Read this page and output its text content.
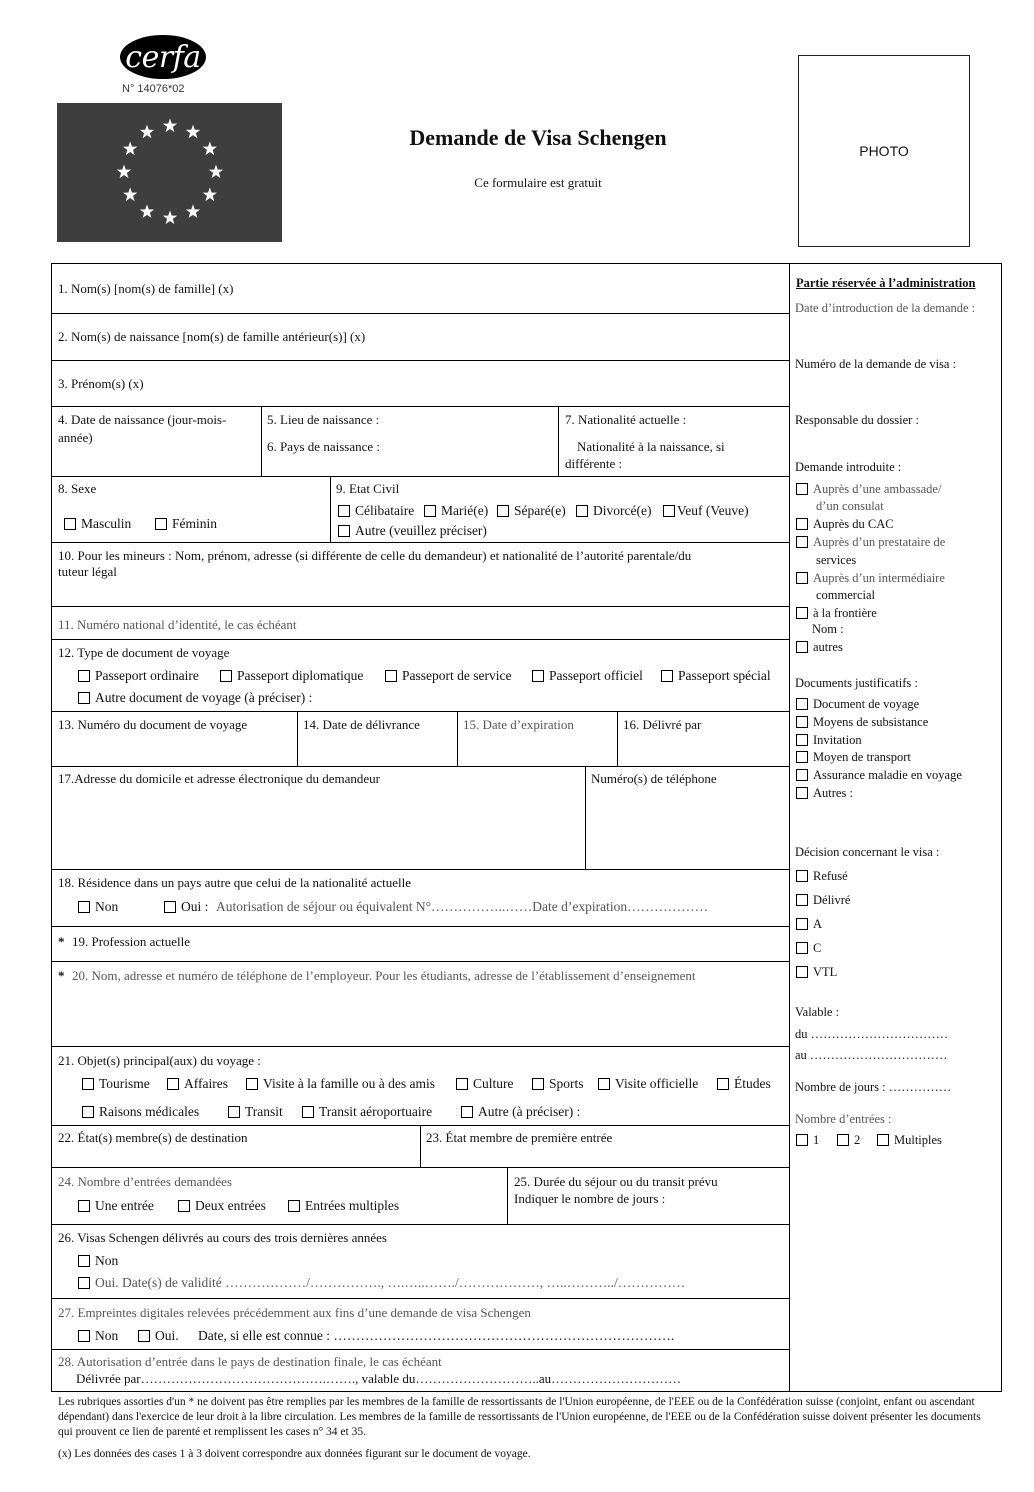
cerfa
N° 14076*02
Demande de Visa Schengen
Ce formulaire est gratuit
PHOTO
1. Nom(s) [nom(s) de famille] (x)
2. Nom(s) de naissance [nom(s) de famille antérieur(s)] (x)
3. Prénom(s) (x)
4. Date de naissance (jour-mois-
année)
5. Lieu de naissance :
6. Pays de naissance :
7. Nationalité actuelle :
Nationalité à la naissance, si
différente :
8. Sexe
Masculin	Féminin
9. Etat Civil
Célibataire Marié(e) Séparé(e) Divorcé(e) Veuf (Veuve)
Autre (veuillez préciser)
10. Pour les mineurs : Nom, prénom, adresse (si différente de celle du demandeur) et nationalité de l’autorité parentale/du
tuteur légal
11. Numéro national d’identité, le cas échéant
12. Type de document de voyage
Passeport ordinaire	Passeport diplomatique	Passeport de service	Passeport officiel	Passeport spécial
Autre document de voyage (à préciser) :
13. Numéro du document de voyage	14. Date de délivrance	15. Date d’expiration	16. Délivré par
17.Adresse du domicile et adresse électronique du demandeur	Numéro(s) de téléphone
18. Résidence dans un pays autre que celui de la nationalité actuelle
Non	Oui : Autorisation de séjour ou équivalent N°……………..……Date d’expiration………………
* 19. Profession actuelle
* 20. Nom, adresse et numéro de téléphone de l’employeur. Pour les étudiants, adresse de l’établissement d’enseignement
21. Objet(s) principal(aux) du voyage :
Tourisme	Affaires	Visite à la famille ou à des amis	Culture	Sports Visite officielle	Études
Raisons médicales	Transit	Transit aéroportuaire	Autre (à préciser) :
22. État(s) membre(s) de destination	23. État membre de première entrée
24. Nombre d’entrées demandées
Une entrée	Deux entrées	Entrées multiples
25. Durée du séjour ou du transit prévu
Indiquer le nombre de jours :
26. Visas Schengen délivrés au cours des trois dernières années
Non
Oui. Date(s) de validité ………………/……………., ….…..……./………………, …..………../……………
27. Empreintes digitales relevées précédemment aux fins d’une demande de visa Schengen
Non	Oui. Date, si elle est connue : ………………………………………………………………….
28. Autorisation d’entrée dans le pays de destination finale, le cas échéant
Délivrée par…………………………………….……., valable du………………………..au…………………………
Partie réservée à l’administration
Date d’introduction de la demande :
Numéro de la demande de visa :
Responsable du dossier :
Demande introduite :
Auprès d’une ambassade/
d’un consulat
Auprès du CAC
Auprès d’un prestataire de
services
Auprès d’un intermédiaire
commercial
à la frontière
Nom :
autres
Documents justificatifs :
Document de voyage
Moyens de subsistance
Invitation
Moyen de transport
Assurance maladie en voyage
Autres :
Décision concernant le visa :
Refusé
Délivré
A
C
VTL
Valable :
du ……………………………
au ……………………………
Nombre de jours : ……………
Nombre d’entrées :
1	2	Multiples
Les rubriques assorties d'un * ne doivent pas être remplies par les membres de la famille de ressortissants de l'Union européenne, de l'EEE ou de la Confédération suisse (conjoint, enfant ou ascendant dépendant) dans l'exercice de leur droit à la libre circulation. Les membres de la famille de ressortissants de l'Union européenne, de l'EEE ou de la Confédération suisse doivent présenter les documents qui prouvent ce lien de parenté et remplissent les cases n° 34 et 35.
(x) Les données des cases 1 à 3 doivent correspondre aux données figurant sur le document de voyage.
